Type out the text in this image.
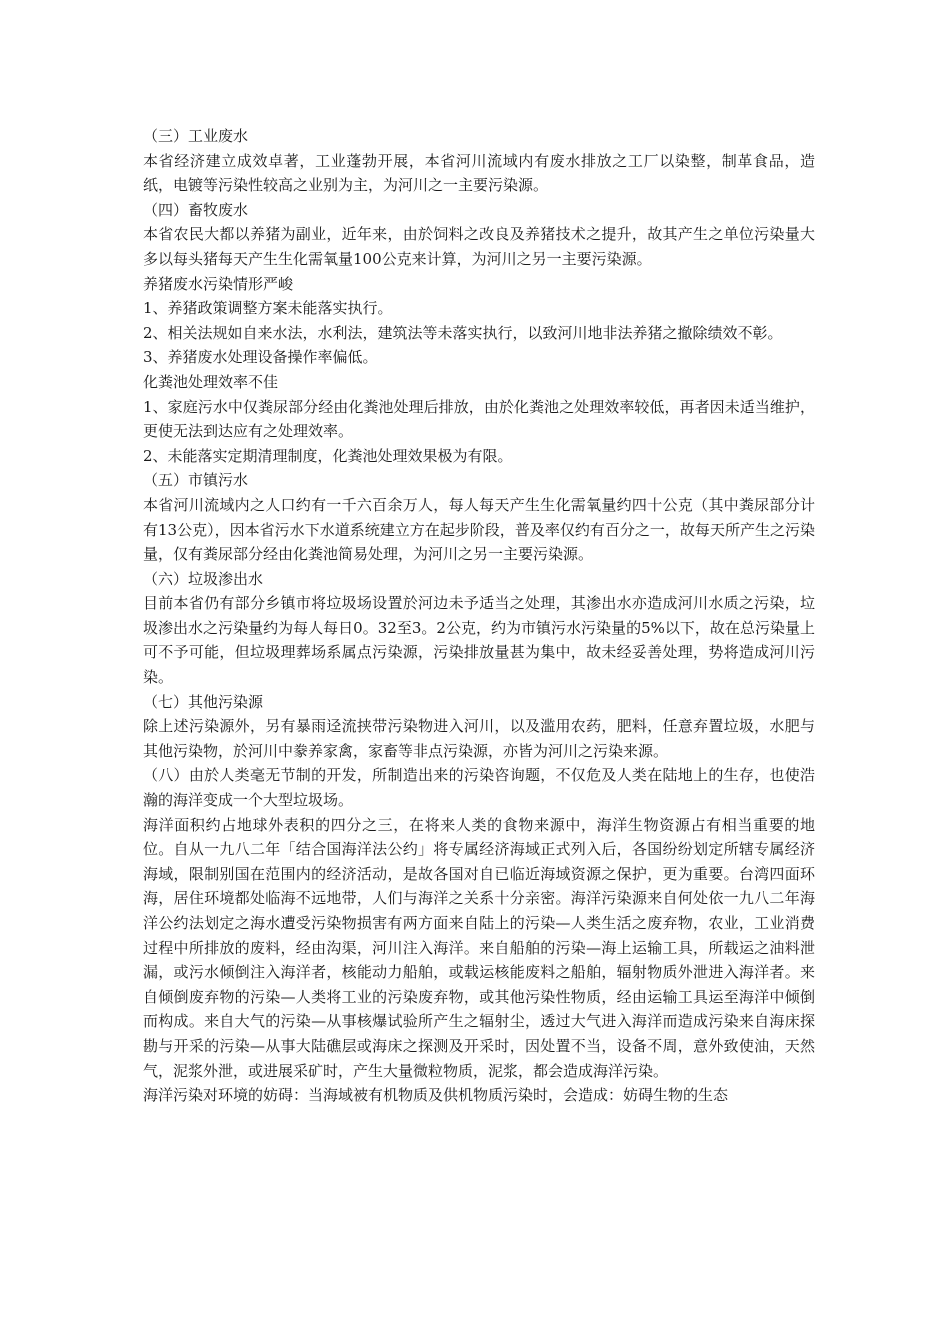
（三）工业废水

本省经济建立成效卓著，工业蓬勃开展，本省河川流域内有废水排放之工厂以染整，制革食品，造纸，电镀等污染性较高之业别为主，为河川之一主要污染源。

（四）畜牧废水

本省农民大都以养猪为副业，近年来，由於饲料之改良及养猪技术之提升，故其产生之单位污染量大多以每头猪每天产生生化需氧量100公克来计算，为河川之另一主要污染源。

养猪废水污染情形严峻

1、养猪政策调整方案未能落实执行。

2、相关法规如自来水法，水利法，建筑法等未落实执行，以致河川地非法养猪之撤除绩效不彰。

3、养猪废水处理设备操作率偏低。

化粪池处理效率不佳

1、家庭污水中仅粪尿部分经由化粪池处理后排放，由於化粪池之处理效率较低，再者因未适当维护，更使无法到达应有之处理效率。

2、未能落实定期清理制度，化粪池处理效果极为有限。

（五）市镇污水

本省河川流域内之人口约有一千六百余万人，每人每天产生生化需氧量约四十公克（其中粪尿部分计有13公克），因本省污水下水道系统建立方在起步阶段，普及率仅约有百分之一，故每天所产生之污染量，仅有粪尿部分经由化粪池简易处理，为河川之另一主要污染源。

（六）垃圾渗出水

目前本省仍有部分乡镇市将垃圾场设置於河边未予适当之处理，其渗出水亦造成河川水质之污染，垃圾渗出水之污染量约为每人每日0。32至3。2公克，约为市镇污水污染量的5%以下，故在总污染量上可不予可能，但垃圾理葬场系属点污染源，污染排放量甚为集中，故未经妥善处理，势将造成河川污染。

（七）其他污染源

除上述污染源外，另有暴雨迳流挟带污染物进入河川，以及滥用农药，肥料，任意弃置垃圾，水肥与其他污染物，於河川中豢养家禽，家畜等非点污染源，亦皆为河川之污染来源。

（八）由於人类毫无节制的开发，所制造出来的污染咨询题，不仅危及人类在陆地上的生存，也使浩瀚的海洋变成一个大型垃圾场。

海洋面积约占地球外表积的四分之三，在将来人类的食物来源中，海洋生物资源占有相当重要的地位。自从一九八二年「结合国海洋法公约」将专属经济海域正式列入后，各国纷纷划定所辖专属经济海域，限制别国在范围内的经济活动，是故各国对自已临近海域资源之保护，更为重要。台湾四面环海，居住环境都处临海不远地带，人们与海洋之关系十分亲密。海洋污染源来自何处依一九八二年海洋公约法划定之海水遭受污染物损害有两方面来自陆上的污染—人类生活之废弃物，农业，工业消费过程中所排放的废料，经由沟渠，河川注入海洋。来自船舶的污染—海上运输工具，所载运之油料泄漏，或污水倾倒注入海洋者，核能动力船舶，或载运核能废料之船舶，辐射物质外泄进入海洋者。来自倾倒废弃物的污染—人类将工业的污染废弃物，或其他污染性物质，经由运输工具运至海洋中倾倒而构成。来自大气的污染—从事核爆试验所产生之辐射尘，透过大气进入海洋而造成污染来自海床探勘与开采的污染—从事大陆礁层或海床之探测及开采时，因处置不当，设备不周，意外致使油，天然气，泥浆外泄，或进展采矿时，产生大量微粒物质，泥浆，都会造成海洋污染。

海洋污染对环境的妨碍：当海域被有机物质及供机物质污染时，会造成：妨碍生物的生态
